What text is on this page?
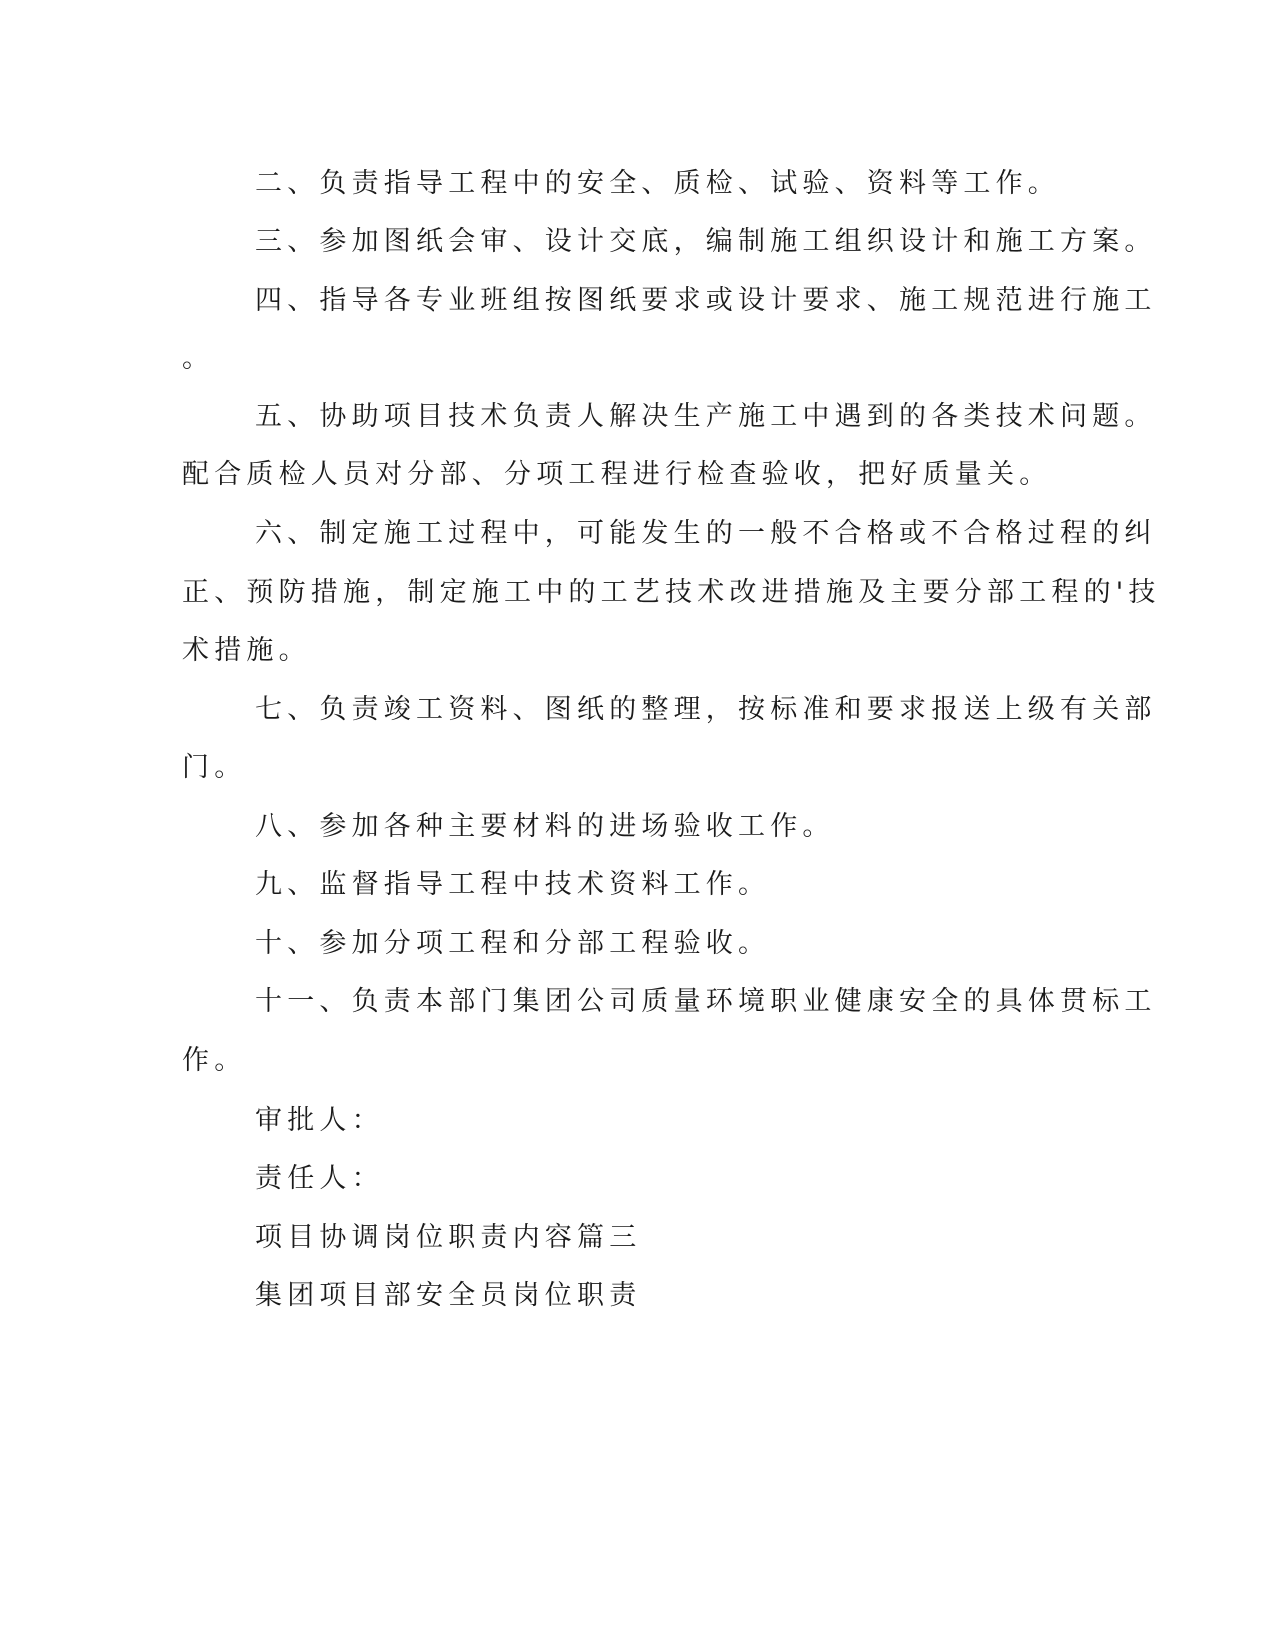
二、负责指导工程中的安全、质检、试验、资料等工作。
三、参加图纸会审、设计交底，编制施工组织设计和施工方案。
四、指导各专业班组按图纸要求或设计要求、施工规范进行施工
。
五、协助项目技术负责人解决生产施工中遇到的各类技术问题。
配合质检人员对分部、分项工程进行检查验收，把好质量关。
六、制定施工过程中，可能发生的一般不合格或不合格过程的纠
正、预防措施，制定施工中的工艺技术改进措施及主要分部工程的'技
术措施。
七、负责竣工资料、图纸的整理，按标准和要求报送上级有关部
门。
八、参加各种主要材料的进场验收工作。
九、监督指导工程中技术资料工作。
十、参加分项工程和分部工程验收。
十一、负责本部门集团公司质量环境职业健康安全的具体贯标工
作。
审批人：
责任人：
项目协调岗位职责内容篇三
集团项目部安全员岗位职责
